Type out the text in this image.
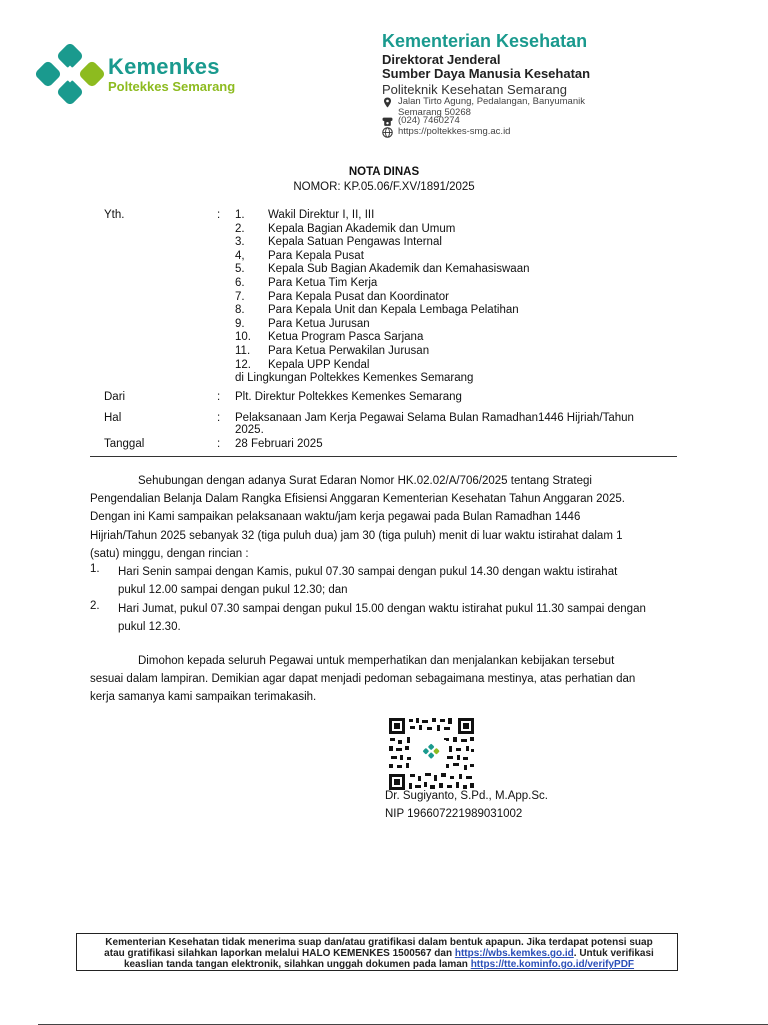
Kemenkes
Poltekkes Semarang
Kementerian Kesehatan
Direktorat Jenderal
Sumber Daya Manusia Kesehatan
Politeknik Kesehatan Semarang
Jalan Tirto Agung, Pedalangan, Banyumanik
Semarang 50268
(024) 7460274
https://poltekkes-smg.ac.id
NOTA DINAS
NOMOR: KP.05.06/F.XV/1891/2025
Yth.	: 1. Wakil Direktur I, II, III
2. Kepala Bagian Akademik dan Umum
3. Kepala Satuan Pengawas Internal
4, Para Kepala Pusat
5. Kepala Sub Bagian Akademik dan Kemahasiswaan
6. Para Ketua Tim Kerja
7. Para Kepala Pusat dan Koordinator
8. Para Kepala Unit dan Kepala Lembaga Pelatihan
9. Para Ketua Jurusan
10. Ketua Program Pasca Sarjana
11. Para Ketua Perwakilan Jurusan
12. Kepala UPP Kendal
di Lingkungan Poltekkes Kemenkes Semarang
Dari	: Plt. Direktur Poltekkes Kemenkes Semarang
Hal	: Pelaksanaan Jam Kerja Pegawai Selama Bulan Ramadhan1446 Hijriah/Tahun
2025.
Tanggal	: 28 Februari 2025
Sehubungan dengan adanya Surat Edaran Nomor HK.02.02/A/706/2025 tentang Strategi
Pengendalian Belanja Dalam Rangka Efisiensi Anggaran Kementerian Kesehatan Tahun Anggaran 2025.
Dengan ini Kami sampaikan pelaksanaan waktu/jam kerja pegawai pada Bulan Ramadhan 1446
Hijriah/Tahun 2025 sebanyak 32 (tiga puluh dua) jam 30 (tiga puluh) menit di luar waktu istirahat dalam 1
(satu) minggu, dengan rincian :
1. Hari Senin sampai dengan Kamis, pukul 07.30 sampai dengan pukul 14.30 dengan waktu istirahat
pukul 12.00 sampai dengan pukul 12.30; dan
2. Hari Jumat, pukul 07.30 sampai dengan pukul 15.00 dengan waktu istirahat pukul 11.30 sampai dengan
pukul 12.30.
Dimohon kepada seluruh Pegawai untuk memperhatikan dan menjalankan kebijakan tersebut
sesuai dalam lampiran. Demikian agar dapat menjadi pedoman sebagaimana mestinya, atas perhatian dan
kerja samanya kami sampaikan terimakasih.
Dr. Sugiyanto, S.Pd., M.App.Sc.
NIP 196607221989031002
Kementerian Kesehatan tidak menerima suap dan/atau gratifikasi dalam bentuk apapun. Jika terdapat potensi suap
atau gratifikasi silahkan laporkan melalui HALO KEMENKES 1500567 dan https://wbs.kemkes.go.id. Untuk verifikasi
keaslian tanda tangan elektronik, silahkan unggah dokumen pada laman https://tte.kominfo.go.id/verifyPDF
